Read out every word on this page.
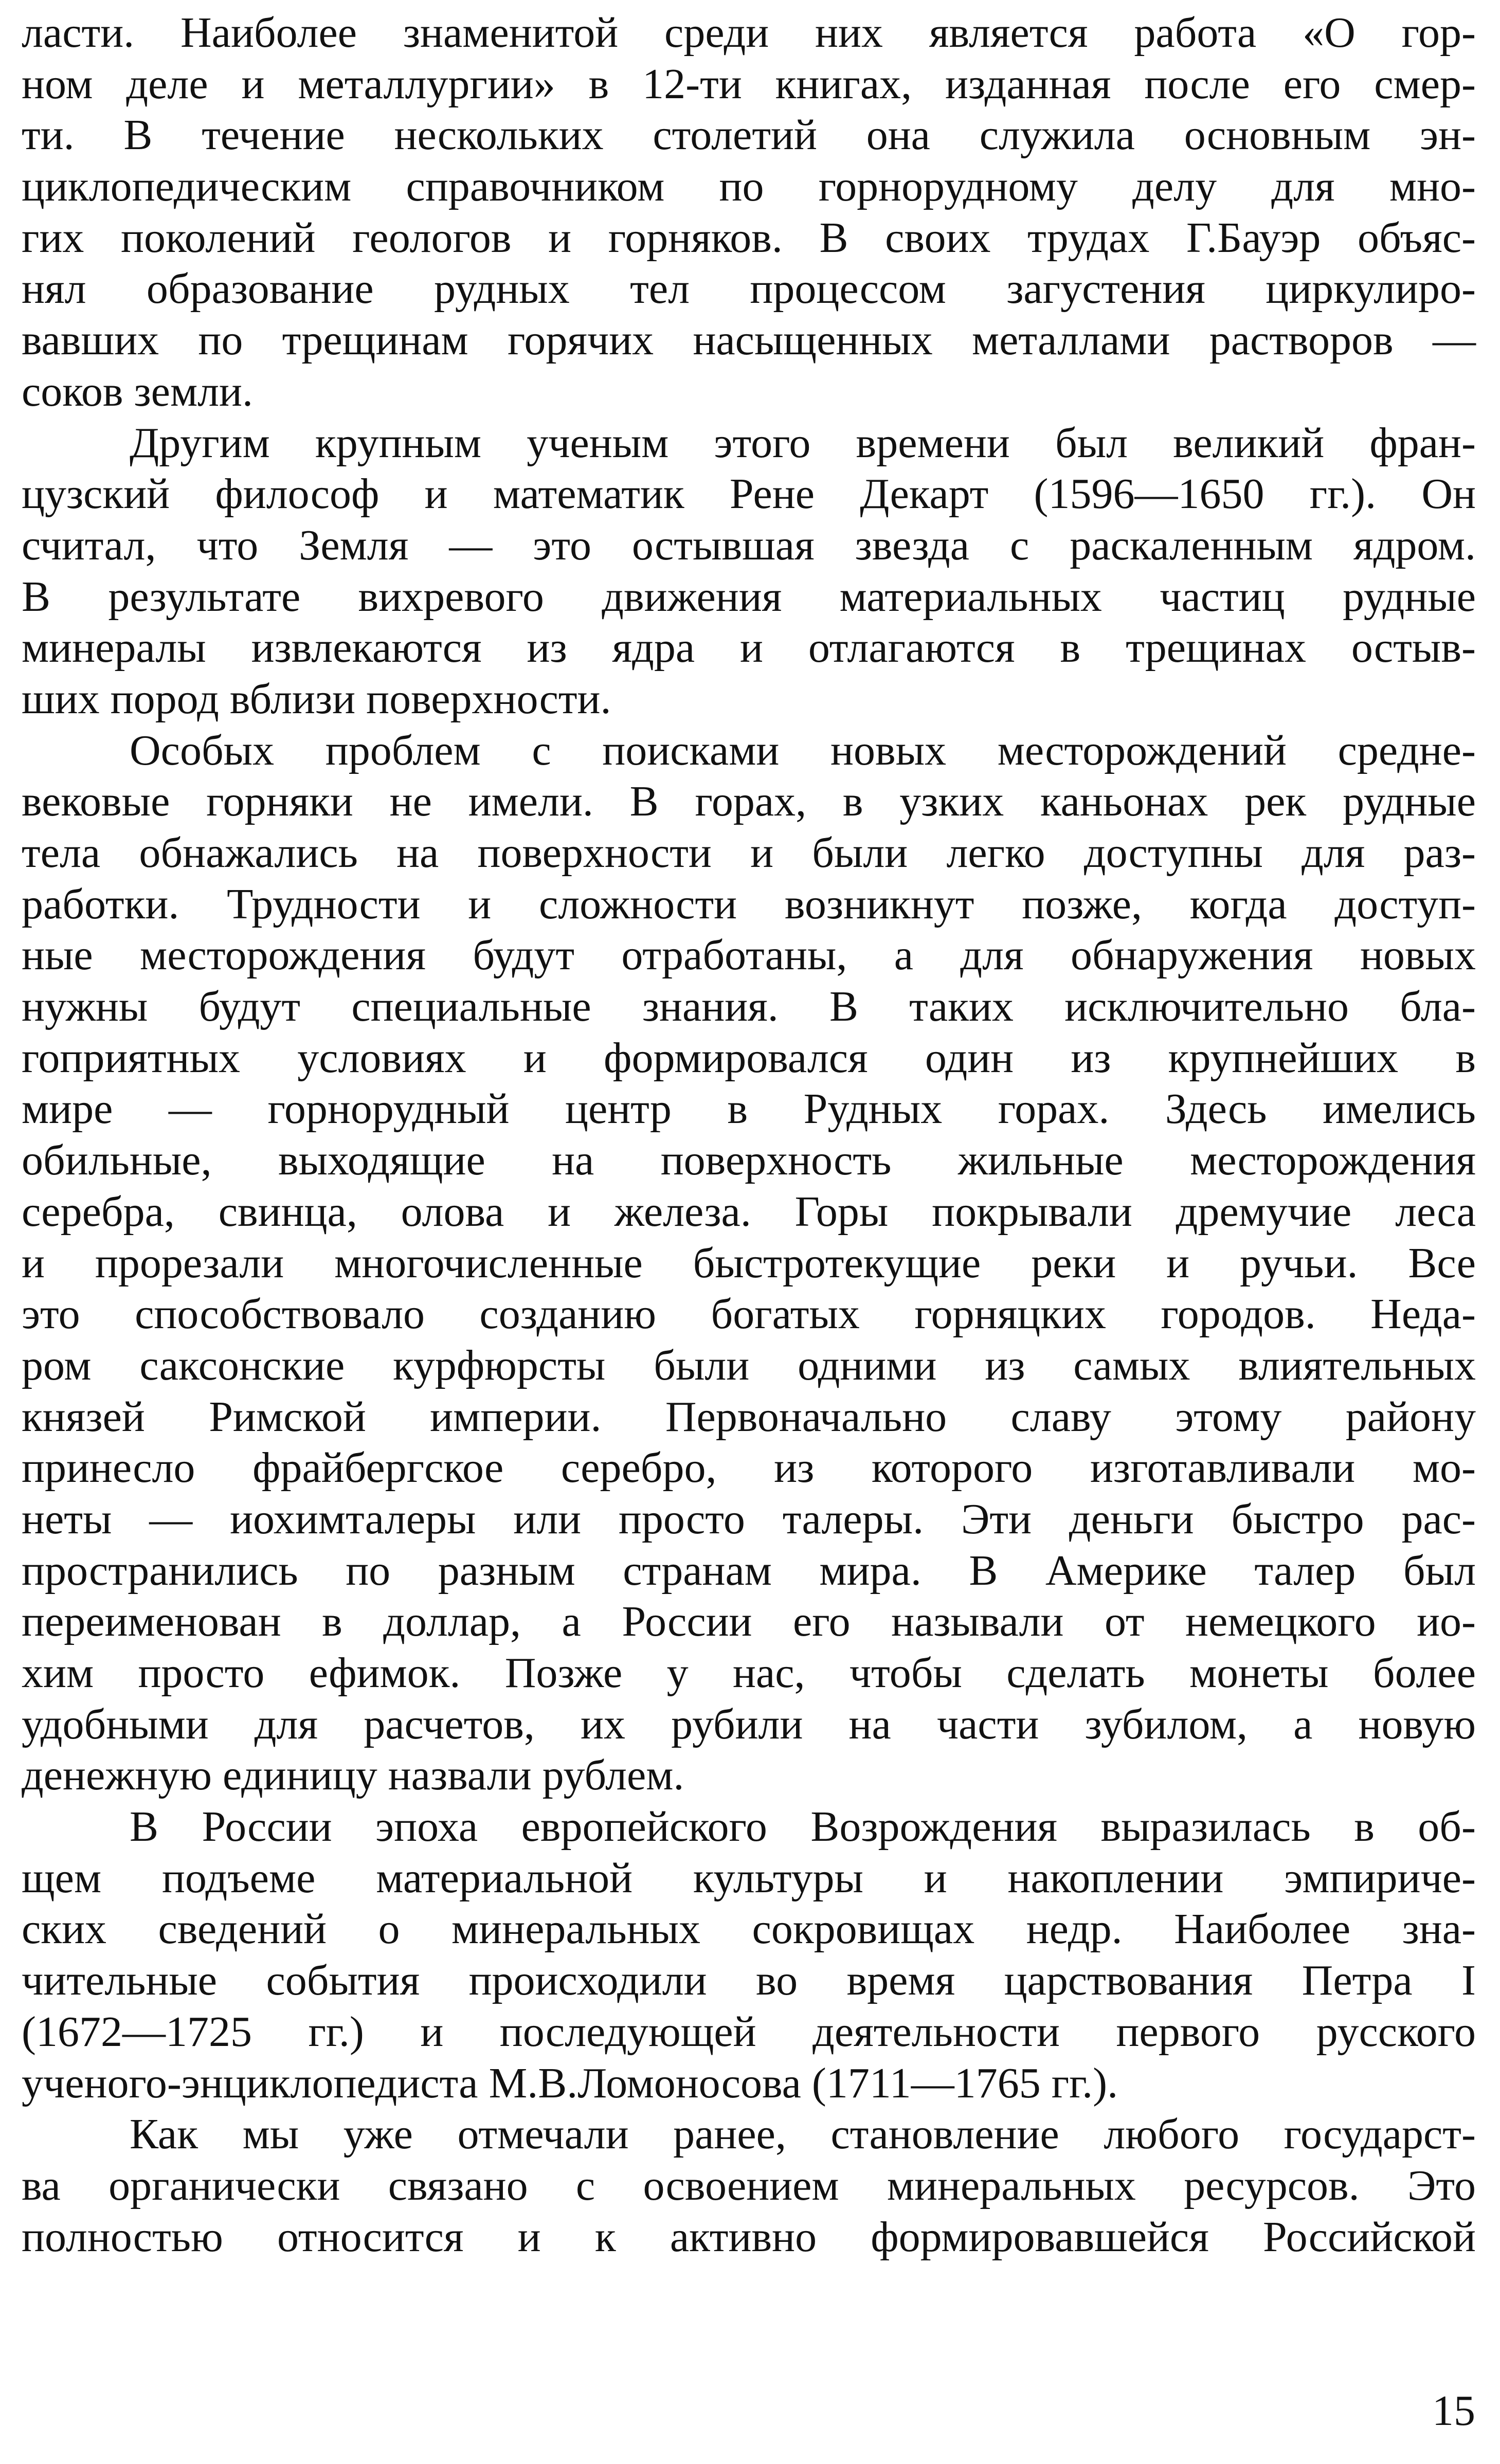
ласти. Наиболее знаменитой среди них является работа «О гор-
ном деле и металлургии» в 12-ти книгах, изданная после его смер-
ти. В течение нескольких столетий она служила основным эн-
циклопедическим справочником по горнорудному делу для мно-
гих поколений геологов и горняков. В своих трудах Г.Бауэр объяс-
нял образование рудных тел процессом загустения циркулиро-
вавших по трещинам горячих насыщенных металлами растворов —
соков земли.
Другим крупным ученым этого времени был великий фран-
цузский философ и математик Рене Декарт (1596—1650 гг.). Он
считал, что Земля — это остывшая звезда с раскаленным ядром.
В результате вихревого движения материальных частиц рудные
минералы извлекаются из ядра и отлагаются в трещинах остыв-
ших пород вблизи поверхности.
Особых проблем с поисками новых месторождений средне-
вековые горняки не имели. В горах, в узких каньонах рек рудные
тела обнажались на поверхности и были легко доступны для раз-
работки. Трудности и сложности возникнут позже, когда доступ-
ные месторождения будут отработаны, а для обнаружения новых
нужны будут специальные знания. В таких исключительно бла-
гоприятных условиях и формировался один из крупнейших в
мире — горнорудный центр в Рудных горах. Здесь имелись
обильные, выходящие на поверхность жильные месторождения
серебра, свинца, олова и железа. Горы покрывали дремучие леса
и прорезали многочисленные быстротекущие реки и ручьи. Все
это способствовало созданию богатых горняцких городов. Неда-
ром саксонские курфюрсты были одними из самых влиятельных
князей Римской империи. Первоначально славу этому району
принесло фрайбергское серебро, из которого изготавливали мо-
неты — иохимталеры или просто талеры. Эти деньги быстро рас-
пространились по разным странам мира. В Америке талер был
переименован в доллар, а России его называли от немецкого ио-
хим просто ефимок. Позже у нас, чтобы сделать монеты более
удобными для расчетов, их рубили на части зубилом, а новую
денежную единицу назвали рублем.
В России эпоха европейского Возрождения выразилась в об-
щем подъеме материальной культуры и накоплении эмпириче-
ских сведений о минеральных сокровищах недр. Наиболее зна-
чительные события происходили во время царствования Петра I
(1672—1725 гг.) и последующей деятельности первого русского
ученого-энциклопедиста М.В.Ломоносова (1711—1765 гг.).
Как мы уже отмечали ранее, становление любого государст-
ва органически связано с освоением минеральных ресурсов. Это
полностью относится и к активно формировавшейся Российской
15
